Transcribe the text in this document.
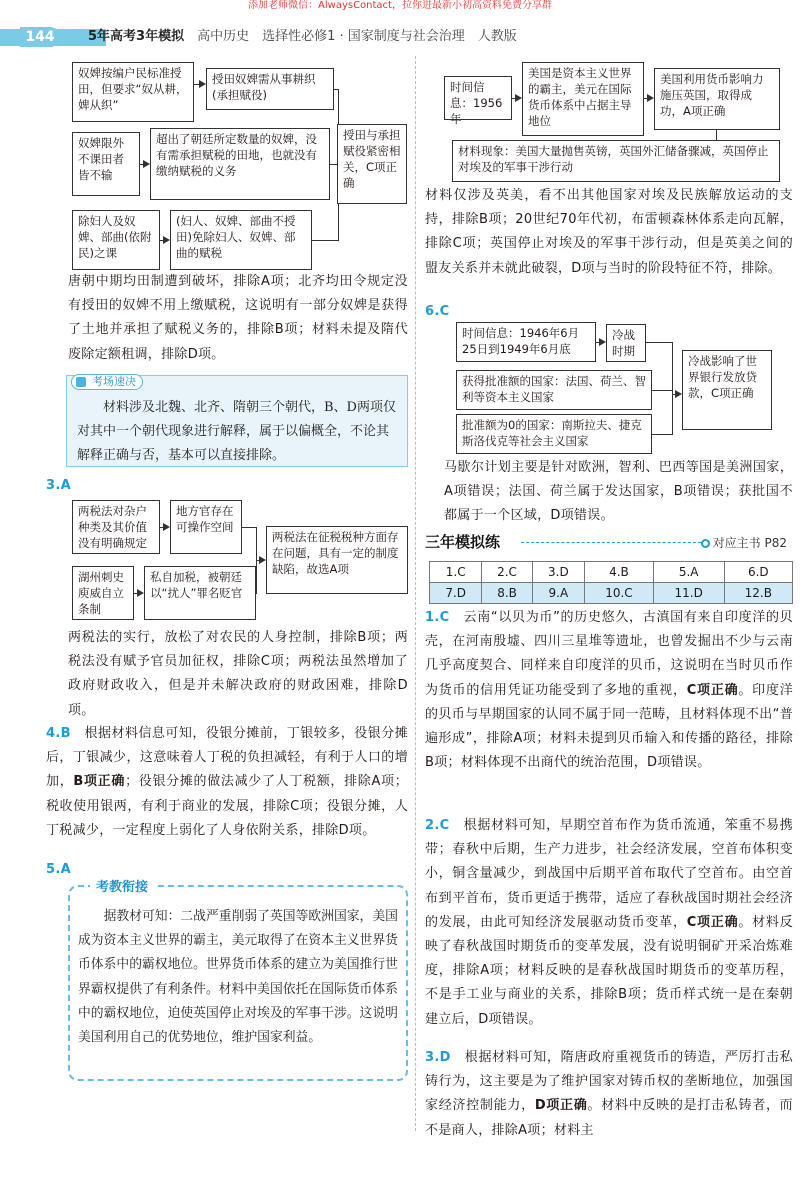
添加老师微信：AlwaysContact，拉你进最新小初高资料免费分享群
144	5年高考3年模拟　 高中历史　选择性必修1 · 国家制度与社会治理　人教版
奴婢按编户民标准授田，但要求“奴从耕，婢从织”
授田奴婢需从事耕织(承担赋役)
奴婢限外不课田者皆不输
超出了朝廷所定数量的奴婢，没有需承担赋税的田地，也就没有缴纳赋税的义务
除妇人及奴婢、部曲(依附民)之课
(妇人、奴婢、部曲不授田)免除妇人、奴婢、部曲的赋税
授田与承担赋役紧密相关，C项正确
唐朝中期均田制遭到破坏，排除A项；北齐均田令规定没有授田的奴婢不用上缴赋税，这说明有一部分奴婢是获得了土地并承担了赋税义务的，排除B项；材料未提及隋代废除定额租调，排除D项。
考场速决
材料涉及北魏、北齐、隋朝三个朝代，B、D两项仅对其中一个朝代现象进行解释，属于以偏概全，不论其解释正确与否，基本可以直接排除。
3.A
两税法对杂户种类及其价值没有明确规定
地方官存在可操作空间
湖州刺史庾威自立条制
私自加税，被朝廷以“扰人”罪名贬官
两税法在征税税种方面存在问题，具有一定的制度缺陷，故选A项
两税法的实行，放松了对农民的人身控制，排除B项；两税法没有赋予官员加征权，排除C项；两税法虽然增加了政府财政收入，但是并未解决政府的财政困难，排除D项。
4.B　 根据材料信息可知，役银分摊前，丁银较多，役银分摊后，丁银减少，这意味着人丁税的负担减轻，有利于人口的增加，B项正确；役银分摊的做法减少了人丁税额，排除A项；税收使用银两，有利于商业的发展，排除C项；役银分摊，人丁税减少，一定程度上弱化了人身依附关系，排除D项。
5.A
考教衔接
据教材可知：二战严重削弱了英国等欧洲国家，美国成为资本主义世界的霸主，美元取得了在资本主义世界货币体系中的霸权地位。世界货币体系的建立为美国推行世界霸权提供了有利条件。材料中美国依托在国际货币体系中的霸权地位，迫使英国停止对埃及的军事干涉。这说明美国利用自己的优势地位，维护国家利益。
时间信息：1956年
美国是资本主义世界的霸主，美元在国际货币体系中占据主导地位
美国利用货币影响力施压英国，取得成功，A项正确
材料现象：美国大量抛售英镑，英国外汇储备骤减，英国停止对埃及的军事干涉行动
材料仅涉及英美，看不出其他国家对埃及民族解放运动的支持，排除B项；20世纪70年代初，布雷顿森林体系走向瓦解，排除C项；英国停止对埃及的军事干涉行动，但是英美之间的盟友关系并未就此破裂，D项与当时的阶段特征不符，排除。
6.C
时间信息：1946年6月25日到1949年6月底
冷战时期
获得批准额的国家：法国、荷兰、智利等资本主义国家
批准额为0的国家：南斯拉夫、捷克斯洛伐克等社会主义国家
冷战影响了世界银行发放贷款，C项正确
马歇尔计划主要是针对欧洲，智利、巴西等国是美洲国家，A项错误；法国、荷兰属于发达国家，B项错误；获批国不都属于一个区域，D项错误。
三年模拟练	对应主书 P82
1.C	2.C	3.D	4.B	5.A	6.D
7.D	8.B	9.A	10.C	11.D	12.B
1.C　 云南“以贝为币”的历史悠久，古滇国有来自印度洋的贝壳，在河南殷墟、四川三星堆等遗址，也曾发掘出不少与云南几乎高度契合、同样来自印度洋的贝币，这说明在当时贝币作为货币的信用凭证功能受到了多地的重视，C项正确。印度洋的贝币与早期国家的认同不属于同一范畴，且材料体现不出“普遍形成”，排除A项；材料未提到贝币输入和传播的路径，排除B项；材料体现不出商代的统治范围，D项错误。
2.C　 根据材料可知，早期空首布作为货币流通，笨重不易携带；春秋中后期，生产力进步，社会经济发展，空首布体积变小，铜含量减少，到战国中后期平首布取代了空首布。由空首布到平首布，货币更适于携带，适应了春秋战国时期社会经济的发展，由此可知经济发展驱动货币变革，C项正确。材料反映了春秋战国时期货币的变革发展，没有说明铜矿开采冶炼难度，排除A项；材料反映的是春秋战国时期货币的变革历程，不是手工业与商业的关系，排除B项；货币样式统一是在秦朝建立后，D项错误。
3.D　 根据材料可知，隋唐政府重视货币的铸造，严厉打击私铸行为，这主要是为了维护国家对铸币权的垄断地位，加强国家经济控制能力，D项正确。材料中反映的是打击私铸者，而不是商人，排除A项；材料主
